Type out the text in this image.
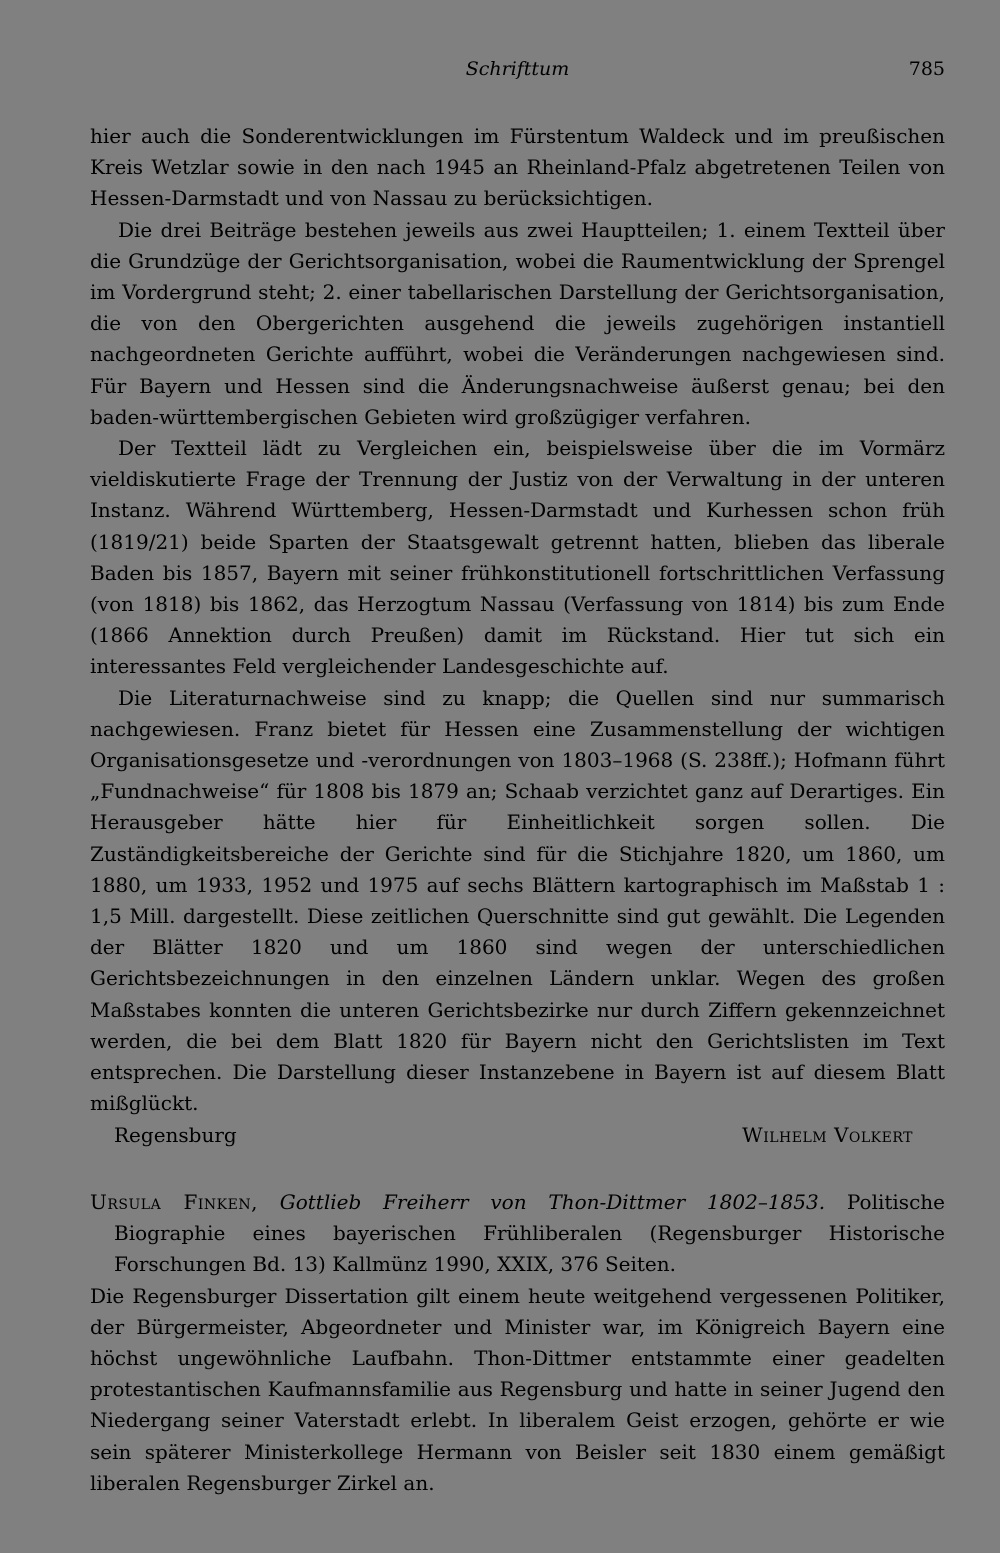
Schrifttum	785

hier auch die Sonderentwicklungen im Fürstentum Waldeck und im preußischen Kreis Wetzlar sowie in den nach 1945 an Rheinland-Pfalz abgetretenen Teilen von Hessen-Darmstadt und von Nassau zu berücksichtigen.

Die drei Beiträge bestehen jeweils aus zwei Hauptteilen; 1. einem Textteil über die Grundzüge der Gerichtsorganisation, wobei die Raumentwicklung der Sprengel im Vordergrund steht; 2. einer tabellarischen Darstellung der Gerichtsorganisation, die von den Obergerichten ausgehend die jeweils zugehörigen instantiell nachgeordneten Gerichte aufführt, wobei die Veränderungen nachgewiesen sind. Für Bayern und Hessen sind die Änderungsnachweise äußerst genau; bei den baden-württembergischen Gebieten wird großzügiger verfahren.

Der Textteil lädt zu Vergleichen ein, beispielsweise über die im Vormärz vieldiskutierte Frage der Trennung der Justiz von der Verwaltung in der unteren Instanz. Während Württemberg, Hessen-Darmstadt und Kurhessen schon früh (1819/21) beide Sparten der Staatsgewalt getrennt hatten, blieben das liberale Baden bis 1857, Bayern mit seiner frühkonstitutionell fortschrittlichen Verfassung (von 1818) bis 1862, das Herzogtum Nassau (Verfassung von 1814) bis zum Ende (1866 Annektion durch Preußen) damit im Rückstand. Hier tut sich ein interessantes Feld vergleichender Landesgeschichte auf.

Die Literaturnachweise sind zu knapp; die Quellen sind nur summarisch nachgewiesen. Franz bietet für Hessen eine Zusammenstellung der wichtigen Organisationsgesetze und -verordnungen von 1803–1968 (S. 238ff.); Hofmann führt „Fundnachweise“ für 1808 bis 1879 an; Schaab verzichtet ganz auf Derartiges. Ein Herausgeber hätte hier für Einheitlichkeit sorgen sollen. Die Zuständigkeitsbereiche der Gerichte sind für die Stichjahre 1820, um 1860, um 1880, um 1933, 1952 und 1975 auf sechs Blättern kartographisch im Maßstab 1 : 1,5 Mill. dargestellt. Diese zeitlichen Querschnitte sind gut gewählt. Die Legenden der Blätter 1820 und um 1860 sind wegen der unterschiedlichen Gerichtsbezeichnungen in den einzelnen Ländern unklar. Wegen des großen Maßstabes konnten die unteren Gerichtsbezirke nur durch Ziffern gekennzeichnet werden, die bei dem Blatt 1820 für Bayern nicht den Gerichtslisten im Text entsprechen. Die Darstellung dieser Instanzebene in Bayern ist auf diesem Blatt mißglückt.

Regensburg	Wilhelm Volkert
Ursula Finken, Gottlieb Freiherr von Thon-Dittmer 1802–1853. Politische Biographie eines bayerischen Frühliberalen (Regensburger Historische Forschungen Bd. 13) Kallmünz 1990, XXIX, 376 Seiten.

Die Regensburger Dissertation gilt einem heute weitgehend vergessenen Politiker, der Bürgermeister, Abgeordneter und Minister war, im Königreich Bayern eine höchst ungewöhnliche Laufbahn. Thon-Dittmer entstammte einer geadelten protestantischen Kaufmannsfamilie aus Regensburg und hatte in seiner Jugend den Niedergang seiner Vaterstadt erlebt. In liberalem Geist erzogen, gehörte er wie sein späterer Ministerkollege Hermann von Beisler seit 1830 einem gemäßigt liberalen Regensburger Zirkel an.
